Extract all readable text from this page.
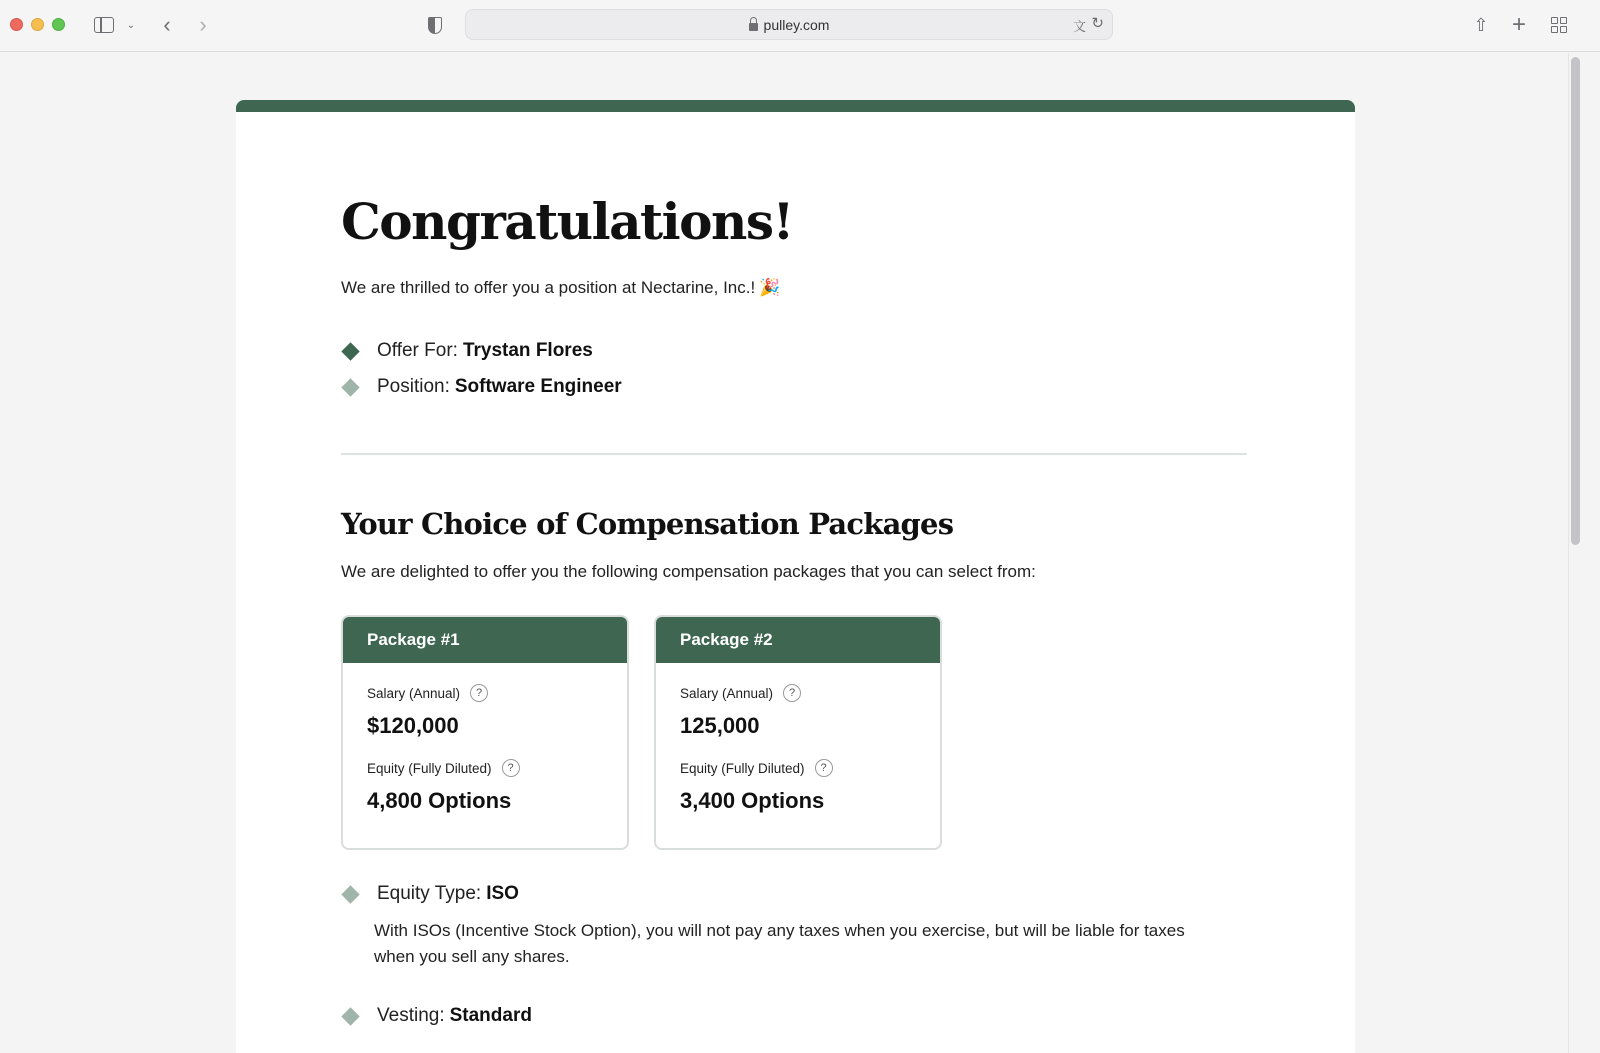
⌄	‹	›	pulley.com	文 ↻	⇧ +
Congratulations!

We are thrilled to offer you a position at Nectarine, Inc.! 🎉

Offer For: Trystan Flores
Position: Software Engineer
Your Choice of Compensation Packages

We are delighted to offer you the following compensation packages that you can select from:

Package #1
Salary (Annual)	?
$120,000
Equity (Fully Diluted)	?
4,800 Options
Package #2
Salary (Annual)	?
125,000
Equity (Fully Diluted)	?
3,400 Options
Equity Type: ISO

With ISOs (Incentive Stock Option), you will not pay any taxes when you exercise, but will be liable for taxes when you sell any shares.

Vesting: Standard
